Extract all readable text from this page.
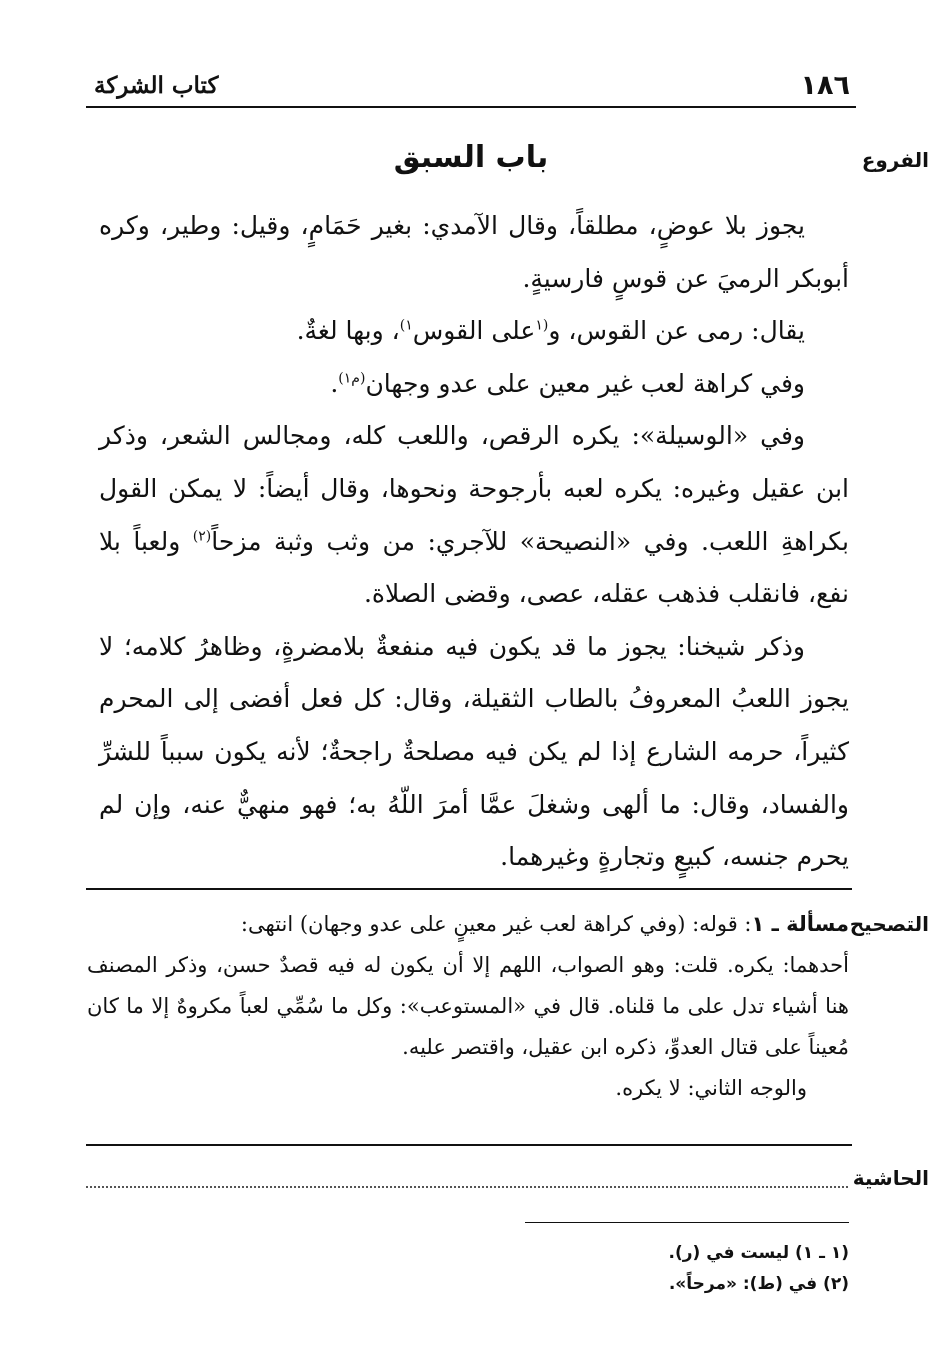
١٨٦
كتاب الشركة
الفروع
باب السبق

يجوز بلا عوضٍ، مطلقاً، وقال الآمدي: بغير حَمَامٍ، وقيل: وطير، وكره أبوبكر الرميَ عن قوسٍ فارسيةٍ.

يقال: رمى عن القوس، و$^{(١}$على القوس$^{١)}$، وبها لغةٌ.

وفي كراهة لعب غير معين على عدو وجهان$^{(م١)}$.

وفي «الوسيلة»: يكره الرقص، واللعب كله، ومجالس الشعر، وذكر ابن عقيل وغيره: يكره لعبه بأرجوحة ونحوها، وقال أيضاً: لا يمكن القول بكراهةِ اللعب. وفي «النصيحة» للآجري: من وثب وثبة مزحاً$^{(٢)}$ ولعباً بلا نفع، فانقلب فذهب عقله، عصى، وقضى الصلاة.

وذكر شيخنا: يجوز ما قد يكون فيه منفعةٌ بلامضرةٍ، وظاهرُ كلامه؛ لا يجوز اللعبُ المعروفُ بالطاب الثقيلة، وقال: كل فعل أفضى إلى المحرم كثيراً، حرمه الشارع إذا لم يكن فيه مصلحةٌ راجحةٌ؛ لأنه يكون سبباً للشرِّ والفساد، وقال: ما ألهى وشغلَ عمَّا أمرَ اللّهُ به؛ فهو منهيٌّ عنه، وإن لم يحرم جنسه، كبيعٍ وتجارةٍ وغيرهما.

التصحيح

مسألة ـ ١: قوله: (وفي كراهة لعب غير معينٍ على عدو وجهان) انتهى:

أحدهما: يكره. قلت: وهو الصواب، اللهم إلا أن يكون له فيه قصدٌ حسن، وذكر المصنف هنا أشياء تدل على ما قلناه. قال في «المستوعب»: وكل ما سُمِّي لعباً مكروهٌ إلا ما كان مُعيناً على قتال العدوِّ، ذكره ابن عقيل، واقتصر عليه.

والوجه الثاني: لا يكره.

الحاشية
(١ ـ ١) ليست في (ر).
(٢) في (ط): «مرحاً».
